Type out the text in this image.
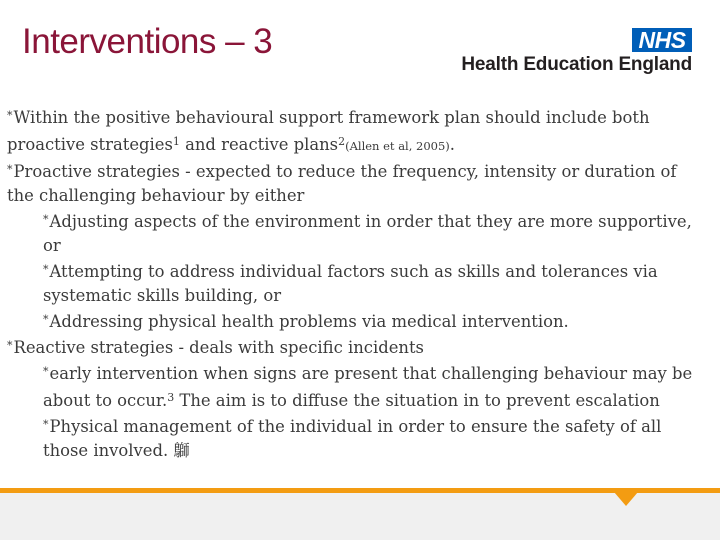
Interventions – 3	NHS
Health Education England

*Within the positive behavioural support framework plan should include both proactive strategies$^1$ and reactive plans$^2$(Allen et al, 2005).

*Proactive strategies - expected to reduce the frequency, intensity or duration of the challenging behaviour by either

*Adjusting aspects of the environment in order that they are more supportive, or

*Attempting to address individual factors such as skills and tolerances via systematic skills building, or

*Addressing physical health problems via medical intervention.

*Reactive strategies - deals with specific incidents

*early intervention when signs are present that challenging behaviour may be about to occur.$^3$ The aim is to diffuse the situation in to prevent escalation

*Physical management of the individual in order to ensure the safety of all those involved. 鶳
